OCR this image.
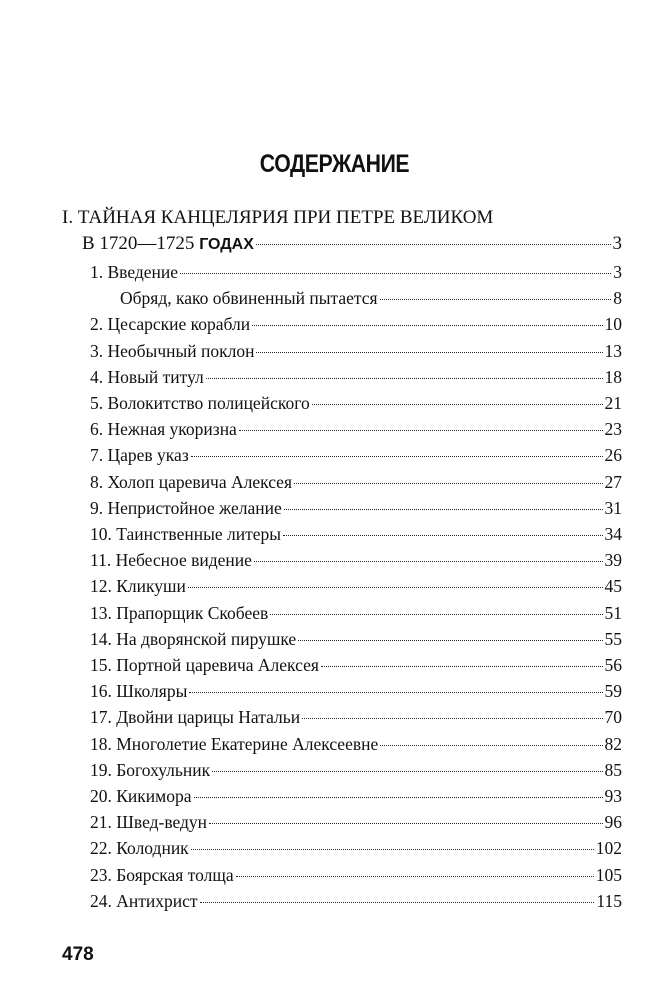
СОДЕРЖАНИЕ
I. ТАЙНАЯ КАНЦЕЛЯРИЯ ПРИ ПЕТРЕ ВЕЛИКОМ
В 1720—1725 ГОДАХ	3
1. Введение	3
Обряд, како обвиненный пытается	8
2. Цесарские корабли	10
3. Необычный поклон	13
4. Новый титул	18
5. Волокитство полицейского	21
6. Нежная укоризна	23
7. Царев указ	26
8. Холоп царевича Алексея	27
9. Непристойное желание	31
10. Таинственные литеры	34
11. Небесное видение	39
12. Кликуши	45
13. Прапорщик Скобеев	51
14. На дворянской пирушке	55
15. Портной царевича Алексея	56
16. Школяры	59
17. Двойни царицы Натальи	70
18. Многолетие Екатерине Алексеевне	82
19. Богохульник	85
20. Кикимора	93
21. Швед-ведун	96
22. Колодник	102
23. Боярская толща	105
24. Антихрист	115
478
